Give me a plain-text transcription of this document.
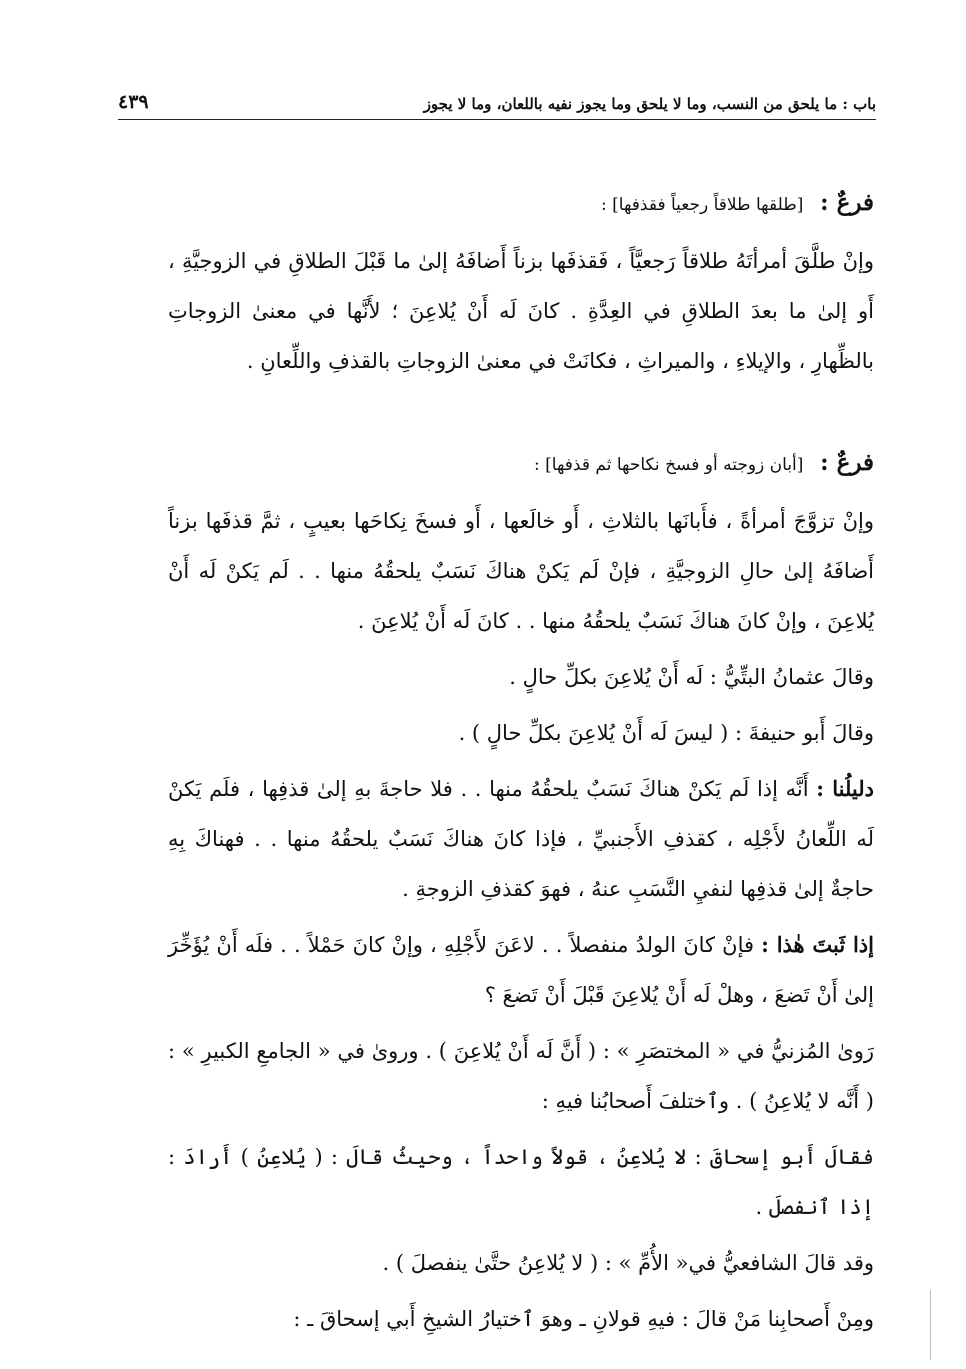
باب : ما يلحق من النسب، وما لا يلحق وما يجوز نفيه باللعان، وما لا يجوز
٤٣٩
فرعٌ : [طلقها طلاقاً رجعياً فقذفها] :

وإنْ طلَّقَ أمرأتَهُ طلاقاً رَجعيَّاً ، فَقذفَها بزناً أَضافَهُ إلىٰ ما قَبْلَ الطلاقِ في الزوجيَّةِ ، أَو إلىٰ ما بعدَ الطلاقِ في العِدَّةِ . كانَ لَه أَنْ يُلاعِنَ ؛ لأَنَّها في معنىٰ الزوجاتِ بالظِّهارِ ، والإيلاءِ ، والميراثِ ، فكانَتْ في معنىٰ الزوجاتِ بالقذفِ واللِّعانِ .

فرعٌ : [أبان زوجته أو فسخ نكاحها ثم قذفها] :

وإنْ تزوَّجَ أمرأةً ، فأَبانَها بالثلاثِ ، أَو خالَعها ، أَو فسخَ نِكاحَها بعيبٍ ، ثمَّ قذفَها بزناً أَضافَهُ إلىٰ حالِ الزوجيَّةِ ، فإنْ لَم يَكنْ هناكَ نَسَبٌ يلحقُهُ منها . . لَم يَكنْ لَه أَنْ يُلاعِنَ ، وإنْ كانَ هناكَ نَسَبٌ يلحقُهُ منها . . كانَ لَه أَنْ يُلاعِنَ .

وقالَ عثمانُ البتِّيُّ : لَه أَنْ يُلاعِنَ بكلِّ حالٍ .

وقالَ أَبو حنيفةَ : ( ليسَ لَه أَنْ يُلاعِنَ بكلِّ حالٍ ) .

دليلُنا : أَنَّه إذا لَم يَكنْ هناكَ نَسَبٌ يلحقُهُ منها . . فلا حاجةَ بهِ إلىٰ قذفِها ، فلَم يَكنْ لَه اللِّعانُ لأَجْلِه ، كقذفِ الأَجنبيِّ ، فإذا كانَ هناكَ نَسَبٌ يلحقُهُ منها . . فهناكَ بِهِ حاجةٌ إلىٰ قذفِها لنفيِ النَّسَبِ عنهُ ، فهوَ كقذفِ الزوجةِ .

إذا ثَبتَ هٰذا : فإنْ كانَ الولدُ منفصلاً . . لاعَنَ لأَجْلِهِ ، وإنْ كانَ حَمْلاً . . فلَه أَنْ يُؤَخِّرَ إلىٰ أَنْ تَضعَ ، وهلْ لَه أَنْ يُلاعِنَ قَبْلَ أَنْ تَضعَ ؟

رَوىٰ المُزنيُّ في « المختصَرِ » : ( أَنَّ لَه أَنْ يُلاعِنَ ) . وروىٰ في « الجامعِ الكبيرِ » : ( أَنَّه لا يُلاعِنُ ) . وٱختلفَ أَصحابُنا فيهِ :

فقالَ أَبو إسحاقَ : لا يُلاعِنُ ، قولاً واحداً ، وحيثُ قالَ : ( يُلاعِنُ ) أَرادَ : إذا ٱنفصلَ .

وقد قالَ الشافعيُّ في« الأُمِّ » : ( لا يُلاعِنُ حتَّىٰ ينفصلَ ) .

ومِنْ أَصحابِنا مَنْ قالَ : فيهِ قولانِ ـ وهوَ ٱختيارُ الشيخِ أَبي إسحاقَ ـ :
